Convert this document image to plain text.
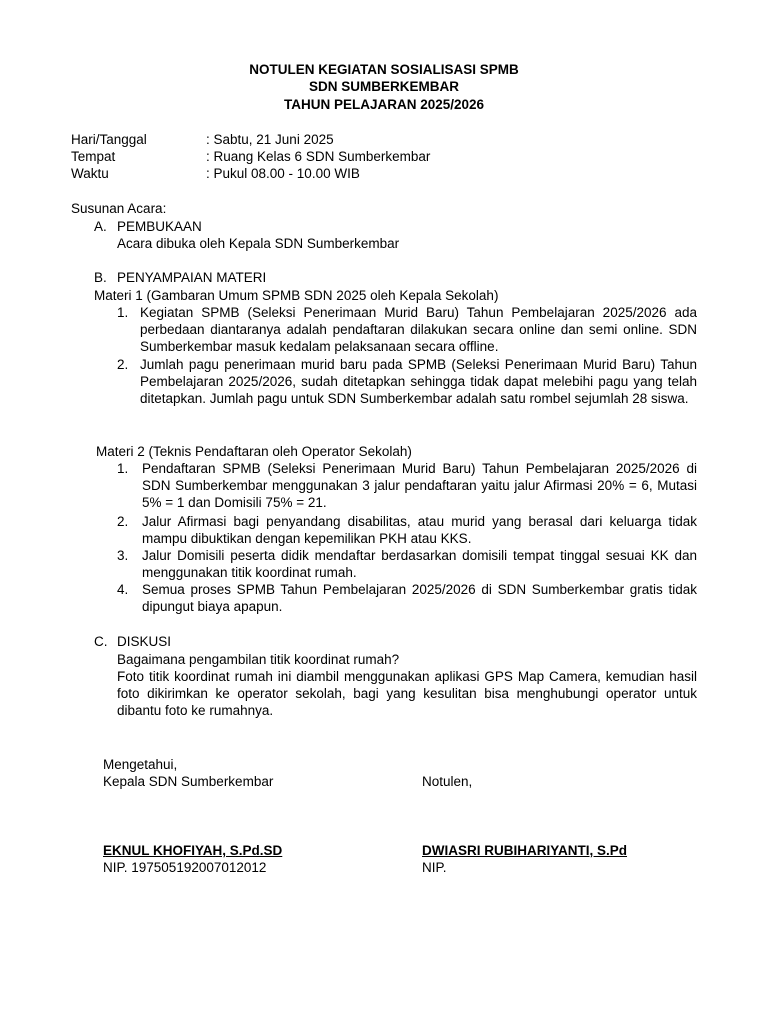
NOTULEN KEGIATAN SOSIALISASI SPMB
SDN SUMBERKEMBAR
TAHUN PELAJARAN 2025/2026
Hari/Tanggal	: Sabtu, 21 Juni 2025
Tempat	: Ruang Kelas 6 SDN Sumberkembar
Waktu	: Pukul 08.00 - 10.00 WIB
Susunan Acara:
A. PEMBUKAAN
Acara dibuka oleh Kepala SDN Sumberkembar
B. PENYAMPAIAN MATERI
Materi 1 (Gambaran Umum SPMB SDN 2025 oleh Kepala Sekolah)
1. Kegiatan SPMB (Seleksi Penerimaan Murid Baru) Tahun Pembelajaran 2025/2026 ada perbedaan diantaranya adalah pendaftaran dilakukan secara online dan semi online. SDN Sumberkembar masuk kedalam pelaksanaan secara offline.
2. Jumlah pagu penerimaan murid baru pada SPMB (Seleksi Penerimaan Murid Baru) Tahun Pembelajaran 2025/2026, sudah ditetapkan sehingga tidak dapat melebihi pagu yang telah ditetapkan. Jumlah pagu untuk SDN Sumberkembar adalah satu rombel sejumlah 28 siswa.
Materi 2 (Teknis Pendaftaran oleh Operator Sekolah)
1. Pendaftaran SPMB (Seleksi Penerimaan Murid Baru) Tahun Pembelajaran 2025/2026 di SDN Sumberkembar menggunakan 3 jalur pendaftaran yaitu jalur Afirmasi 20% = 6, Mutasi 5% = 1 dan Domisili 75% = 21.
2. Jalur Afirmasi bagi penyandang disabilitas, atau murid yang berasal dari keluarga tidak mampu dibuktikan dengan kepemilikan PKH atau KKS.
3. Jalur Domisili peserta didik mendaftar berdasarkan domisili tempat tinggal sesuai KK dan menggunakan titik koordinat rumah.
4. Semua proses SPMB Tahun Pembelajaran 2025/2026 di SDN Sumberkembar gratis tidak dipungut biaya apapun.
C. DISKUSI
Bagaimana pengambilan titik koordinat rumah?
Foto titik koordinat rumah ini diambil menggunakan aplikasi GPS Map Camera, kemudian hasil foto dikirimkan ke operator sekolah, bagi yang kesulitan bisa menghubungi operator untuk dibantu foto ke rumahnya.
Mengetahui,
Kepala SDN Sumberkembar	Notulen,
EKNUL KHOFIYAH, S.Pd.SD
NIP. 197505192007012012
DWIASRI RUBIHARIYANTI, S.Pd
NIP.
